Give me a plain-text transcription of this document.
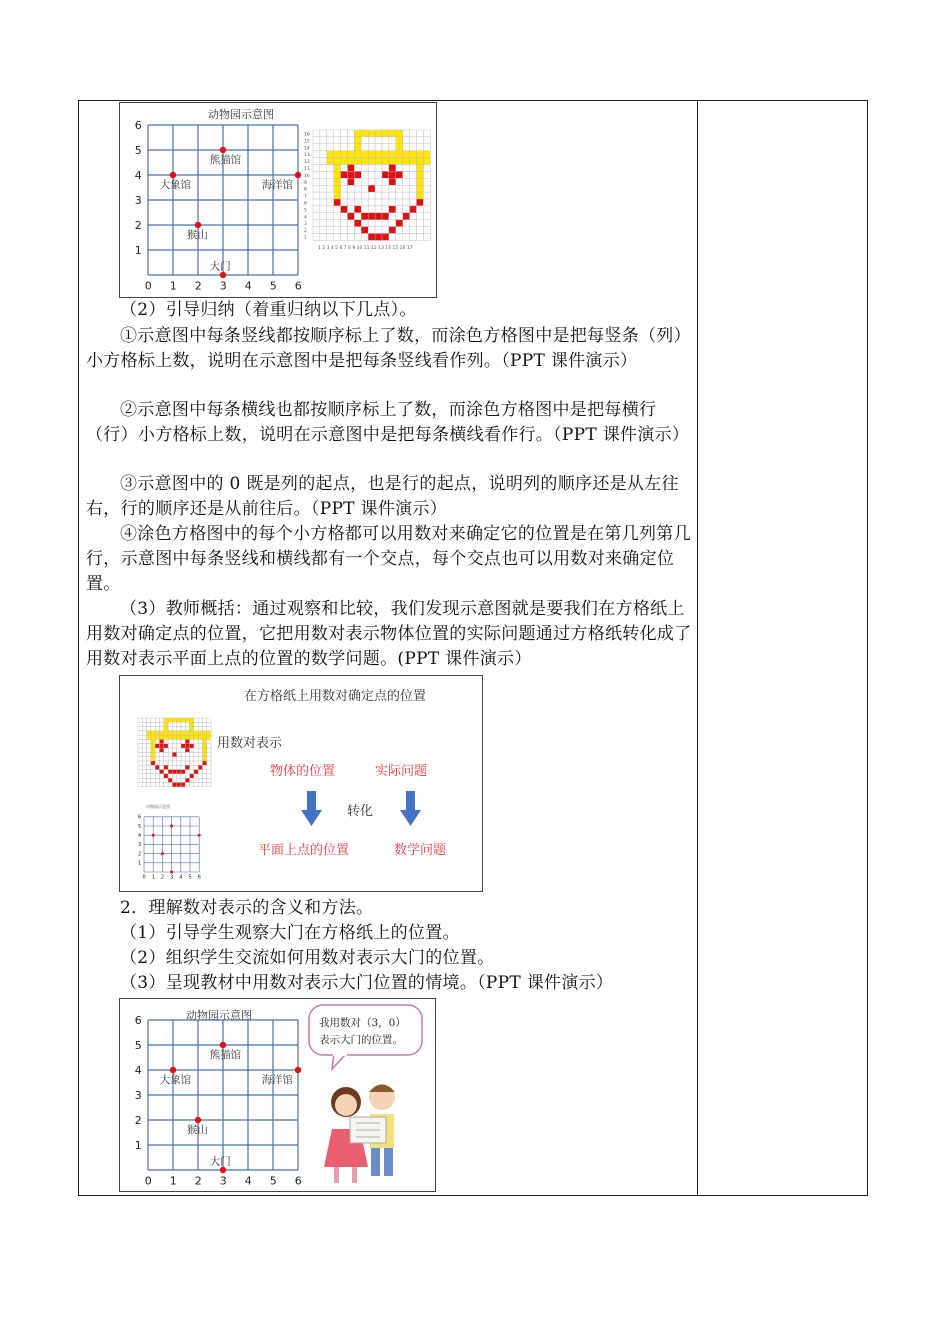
动物园示意图
0 1 2 3 4 5 6
1
2
3
4
5
6
熊猫馆
大象馆	海洋馆
猴山
大门
16
15
14
13
12
11
10
9
8
7
6
5
4
3
2
1
1 2 3 4 5 6 7 8 9 10 11 12 13 14 15 16 17
（2）引导归纳（着重归纳以下几点）。
①示意图中每条竖线都按顺序标上了数，而涂色方格图中是把每竖条（列）小方格标上数，说明在示意图中是把每条竖线看作列。（PPT 课件演示）
②示意图中每条横线也都按顺序标上了数，而涂色方格图中是把每横行（行）小方格标上数，说明在示意图中是把每条横线看作行。（PPT 课件演示）
③示意图中的 0 既是列的起点，也是行的起点，说明列的顺序还是从左往右，行的顺序还是从前往后。（PPT 课件演示）
④涂色方格图中的每个小方格都可以用数对来确定它的位置是在第几列第几行，示意图中每条竖线和横线都有一个交点，每个交点也可以用数对来确定位置。
（3）教师概括：通过观察和比较，我们发现示意图就是要我们在方格纸上用数对确定点的位置，它把用数对表示物体位置的实际问题通过方格纸转化成了用数对表示平面上点的位置的数学问题。(PPT 课件演示）
在方格纸上用数对确定点的位置
用数对表示
物体的位置	实际问题
转化
平面上点的位置	数学问题
动物园示意图
0 1 2 3 4 5 6
1
2
3
4
5
6
2．理解数对表示的含义和方法。
（1）引导学生观察大门在方格纸上的位置。
（2）组织学生交流如何用数对表示大门的位置。
（3）呈现教材中用数对表示大门位置的情境。（PPT 课件演示）
动物园示意图
0 1 2 3 4 5 6
1
2
3
4
5
6
熊猫馆
大象馆	海洋馆
猴山
大门
我用数对（3，0）
表示大门的位置。
